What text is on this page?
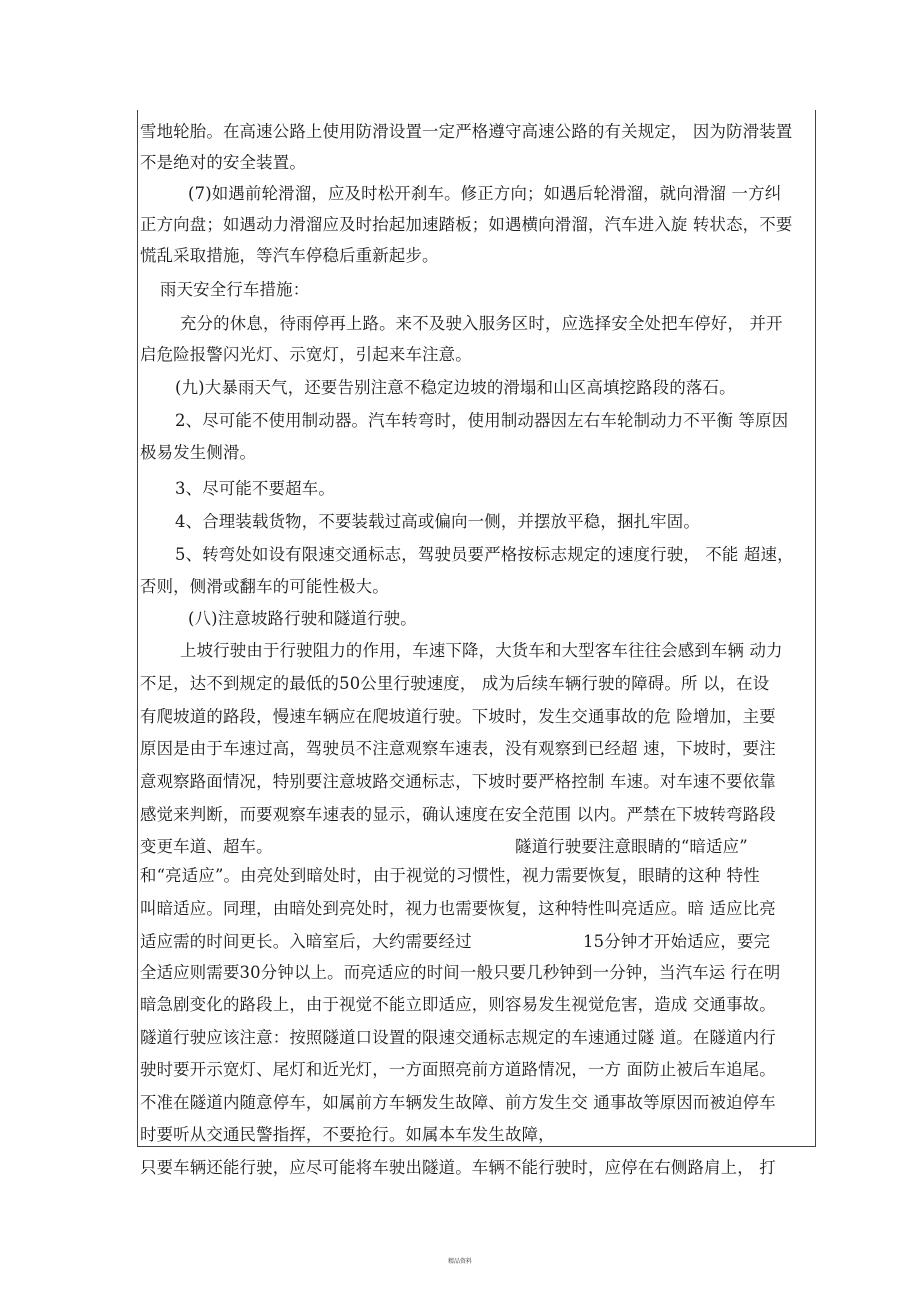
雪地轮胎。在高速公路上使用防滑设置一定严格遵守高速公路的有关规定， 因为防滑装置
不是绝对的安全装置。
(7)如遇前轮滑溜，应及时松开刹车。修正方向；如遇后轮滑溜，就向滑溜 一方纠
正方向盘；如遇动力滑溜应及时抬起加速踏板；如遇横向滑溜，汽车进入旋 转状态，不要
慌乱采取措施，等汽车停稳后重新起步。
雨天安全行车措施：
充分的休息，待雨停再上路。来不及驶入服务区时，应选择安全处把车停好， 并开
启危险报警闪光灯、示宽灯，引起来车注意。
(九)大暴雨天气，还要告别注意不稳定边坡的滑塌和山区高填挖路段的落石。
2、尽可能不使用制动器。汽车转弯时，使用制动器因左右车轮制动力不平衡 等原因
极易发生侧滑。
3、尽可能不要超车。
4、合理装载货物，不要装载过高或偏向一侧，并摆放平稳，捆扎牢固。
5、转弯处如设有限速交通标志，驾驶员要严格按标志规定的速度行驶， 不能 超速，
否则，侧滑或翻车的可能性极大。
(八)注意坡路行驶和隧道行驶。
上坡行驶由于行驶阻力的作用，车速下降，大货车和大型客车往往会感到车辆 动力
不足，达不到规定的最低的50公里行驶速度， 成为后续车辆行驶的障碍。所 以，在设
有爬坡道的路段，慢速车辆应在爬坡道行驶。下坡时，发生交通事故的危 险增加，主要
原因是由于车速过高，驾驶员不注意观察车速表，没有观察到已经超 速，下坡时，要注
意观察路面情况，特别要注意坡路交通标志，下坡时要严格控制 车速。对车速不要依靠
感觉来判断，而要观察车速表的显示，确认速度在安全范围 以内。严禁在下坡转弯路段
变更车道、超车。	隧道行驶要注意眼睛的“暗适应”
和“亮适应”。由亮处到暗处时，由于视觉的习惯性，视力需要恢复，眼睛的这种 特性
叫暗适应。同理，由暗处到亮处时，视力也需要恢复，这种特性叫亮适应。暗 适应比亮
适应需的时间更长。入暗室后，大约需要经过	15分钟才开始适应，要完
全适应则需要30分钟以上。而亮适应的时间一般只要几秒钟到一分钟，当汽车运 行在明
暗急剧变化的路段上，由于视觉不能立即适应，则容易发生视觉危害，造成 交通事故。
隧道行驶应该注意：按照隧道口设置的限速交通标志规定的车速通过隧 道。在隧道内行
驶时要开示宽灯、尾灯和近光灯，一方面照亮前方道路情况，一方 面防止被后车追尾。
不准在隧道内随意停车，如属前方车辆发生故障、前方发生交 通事故等原因而被迫停车
时要听从交通民警指挥，不要抢行。如属本车发生故障，
只要车辆还能行驶，应尽可能将车驶出隧道。车辆不能行驶时，应停在右侧路肩上， 打
精品资料
